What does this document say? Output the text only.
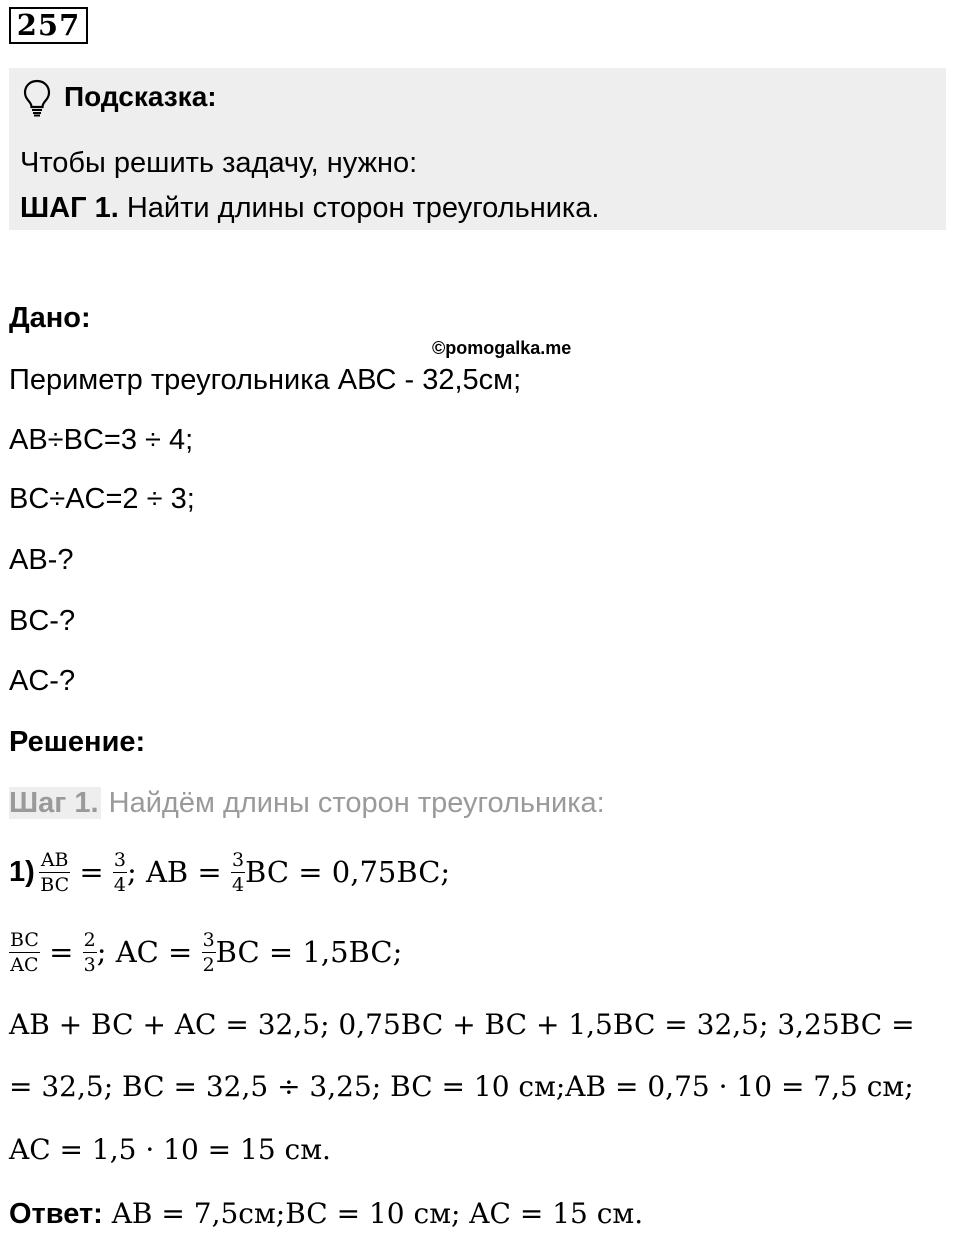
257
Подсказка:
Чтобы решить задачу, нужно:
ШАГ 1. Найти длины сторон треугольника.
Дано:
©pomogalka.me
Периметр треугольника АВС - 32,5см;
AB÷BC=3 ÷ 4;
BC÷AC=2 ÷ 3;
AB-?
BC-?
AC-?
Решение:
Шаг 1. Найдём длины сторон треугольника:
$1) \frac{AB}{BC} = \frac{3}{4}$ ; AB = $\frac{3}{4}$ BC = 0,75BC;
$\frac{BC}{AC} = \frac{2}{3}$ ; AC = $\frac{3}{2}$ BC = 1,5BC;
AB + BC + AC = 32,5; 0,75BC + BC + 1,5BC = 32,5; 3,25BC =
= 32,5; BC = 32,5 ÷ 3,25; BC = 10 см;AB = 0,75 · 10 = 7,5 см;
AC = 1,5 · 10 = 15 см.
Ответ: AB = 7,5см;BC = 10 см; AC = 15 см.
